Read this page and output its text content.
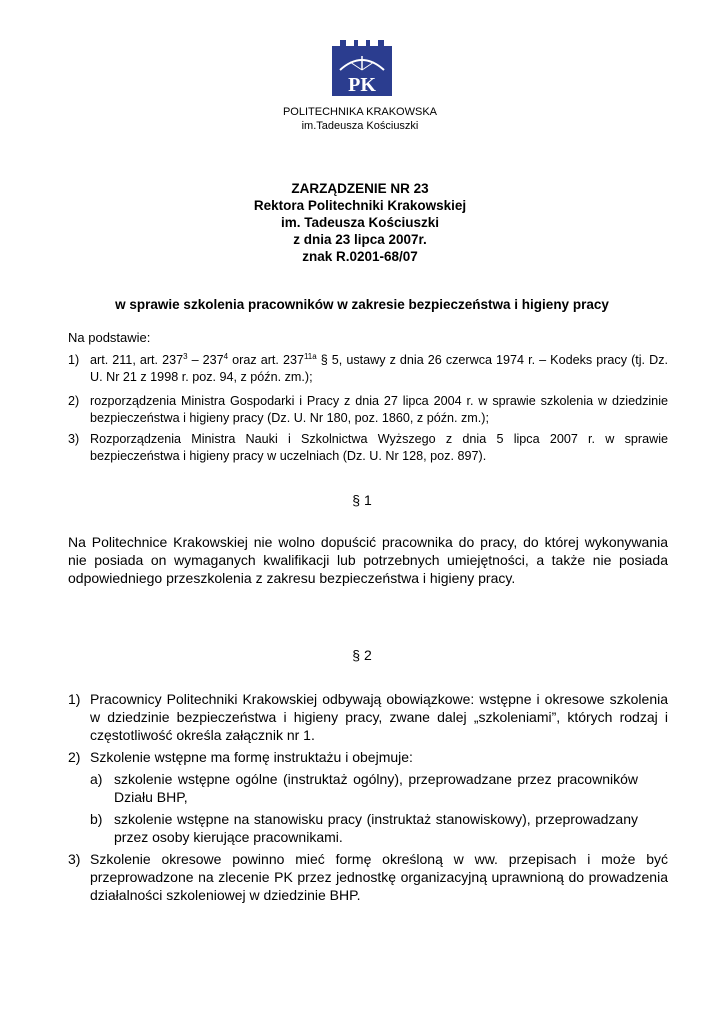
PK
POLITECHNIKA KRAKOWSKA
im.Tadeusza Kościuszki
ZARZĄDZENIE NR 23
Rektora Politechniki Krakowskiej
im. Tadeusza Kościuszki
z dnia 23 lipca 2007r.
znak R.0201-68/07
w sprawie szkolenia pracowników w zakresie bezpieczeństwa i higieny pracy
Na podstawie:
1) art. 211, art. $237^3 - 237^4$ oraz art. $237^{11a}$ § 5, ustawy z dnia 26 czerwca 1974 r. – Kodeks pracy (tj. Dz. U. Nr 21 z 1998 r. poz. 94, z późn. zm.);
2) rozporządzenia Ministra Gospodarki i Pracy z dnia 27 lipca 2004 r. w sprawie szkolenia w dziedzinie bezpieczeństwa i higieny pracy (Dz. U. Nr 180, poz. 1860, z późn. zm.);
3) Rozporządzenia Ministra Nauki i Szkolnictwa Wyższego z dnia 5 lipca 2007 r. w sprawie bezpieczeństwa i higieny pracy w uczelniach (Dz. U. Nr 128, poz. 897).
§ 1
Na Politechnice Krakowskiej nie wolno dopuścić pracownika do pracy, do której wykonywania nie posiada on wymaganych kwalifikacji lub potrzebnych umiejętności, a także nie posiada odpowiedniego przeszkolenia z zakresu bezpieczeństwa i higieny pracy.
§ 2
1) Pracownicy Politechniki Krakowskiej odbywają obowiązkowe: wstępne i okresowe szkolenia w dziedzinie bezpieczeństwa i higieny pracy, zwane dalej „szkoleniami”, których rodzaj i częstotliwość określa załącznik nr 1.
2) Szkolenie wstępne ma formę instruktażu i obejmuje:
a) szkolenie wstępne ogólne (instruktaż ogólny), przeprowadzane przez pracowników Działu BHP,
b) szkolenie wstępne na stanowisku pracy (instruktaż stanowiskowy), przeprowadzany przez osoby kierujące pracownikami.
3) Szkolenie okresowe powinno mieć formę określoną w ww. przepisach i może być przeprowadzone na zlecenie PK przez jednostkę organizacyjną uprawnioną do prowadzenia działalności szkoleniowej w dziedzinie BHP.
